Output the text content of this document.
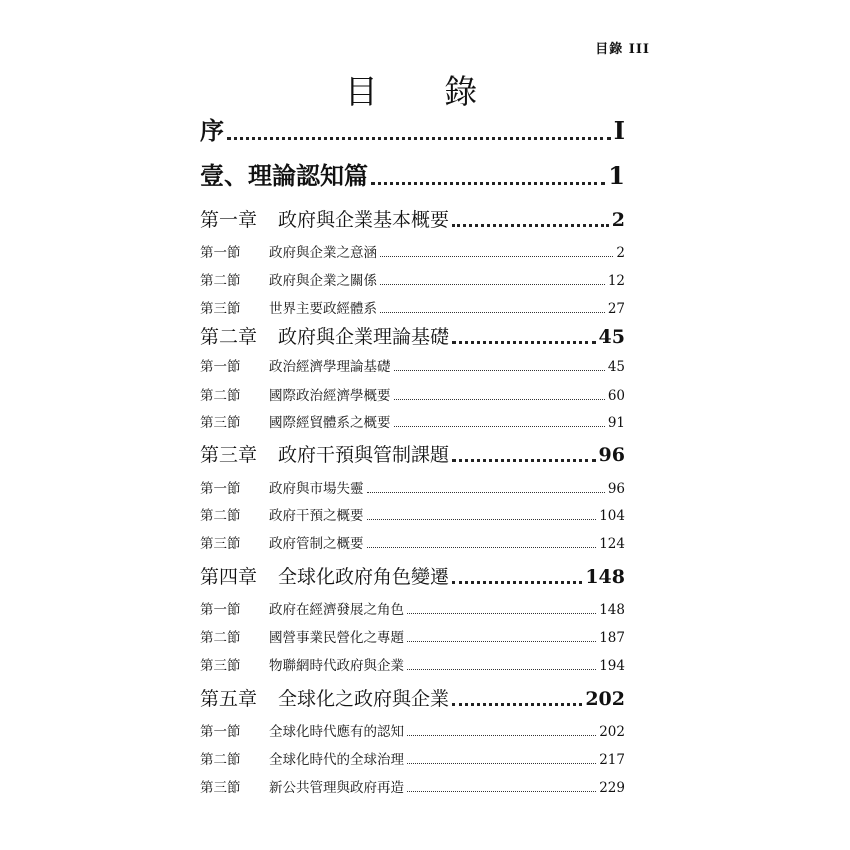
目錄 III
目 錄
序	I
壹、理論認知篇	1
第一章 政府與企業基本概要	2
第一節 政府與企業之意涵	2
第二節 政府與企業之關係	12
第三節 世界主要政經體系	27
第二章 政府與企業理論基礎	45
第一節 政治經濟學理論基礎	45
第二節 國際政治經濟學概要	60
第三節 國際經貿體系之概要	91
第三章 政府干預與管制課題	96
第一節 政府與市場失靈	96
第二節 政府干預之概要	104
第三節 政府管制之概要	124
第四章 全球化政府角色變遷	148
第一節 政府在經濟發展之角色	148
第二節 國營事業民營化之專題	187
第三節 物聯網時代政府與企業	194
第五章 全球化之政府與企業	202
第一節 全球化時代應有的認知	202
第二節 全球化時代的全球治理	217
第三節 新公共管理與政府再造	229
